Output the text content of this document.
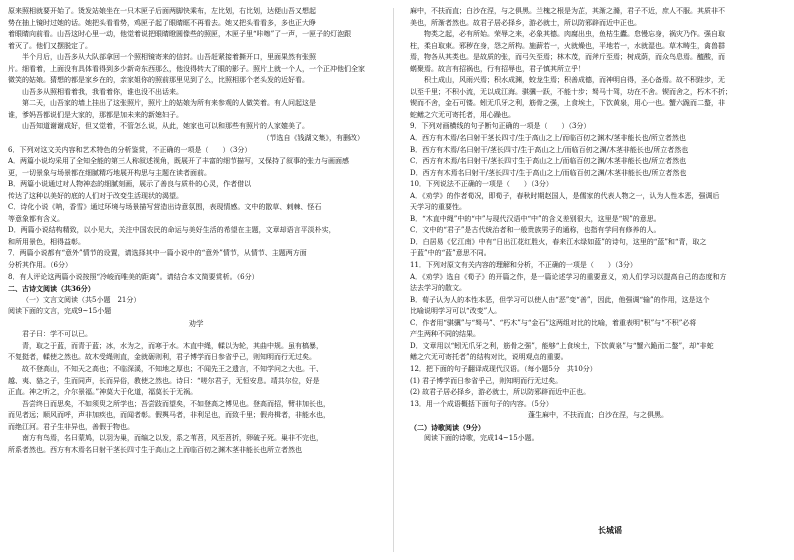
原来照相就要开始了。烫发站娘坐在一只木匣子后面两脚快乘布，左比划，右比划，达便山吾又想起

势在抽上镜时过她的话。她把头看看势，鸡匣子起了眼睛眶不再看去。她又把头看看多，多也正大睁

着眼睛向前看。山吾这时心里一动，他觉着说把眼睛瞪圆像些的照匣，木匣子里“咔嚓”了一声，一匣子的灯泡跟

着灭了。他们又摆脱定了。

半个月后，山吾多从大队部拿回一个照相镜寄来的信封。山吾赶紧接着撕开口，里面果然有张照

片。细看着，上面没有具体看得到多少新奇东西那么，他没得转大了眼的影子。照片上就一个人，一个正冲他们全家

微笑的姑娘。猜想的都是家乡在的，亲家姐你的照前那里见到了么，比照相那个老头发的近好看。

山吾多从照相看着我，我看着你，谁也没不出话来。

第二天，山吾家的墙上挂出了这张照片，照片上的姑娘为所有来参观的人做笑着。有人问起这是

谁，爹妈吾都说们是大家的，那都是加未来的新媳妇子。

山吾知道谢谢成好，但又觉着，不管怎么说，从此，她家也可以和那些有照片的人家媲美了。

（节选自《钱湖文集》，有删改）

6．下列对这文关内容和艺术特色的分析鉴赏，不正确的一项是（　　）（3分）

A．两篇小说均采用了全知全能的第三人称叙述视角，既展开了丰富的细节描写，又保持了叙事的张力与画面感

更，一切景象与场景都在细腻精巧地展开构思与主题在读者面前。

B．两篇小说通过对人物神态的细腻刻画，展示了善良与质朴的心灵，作者借以

传达了这种以美好的底的人们对于改变生活现状的渴望。

C．诗化小说《呐，香雪》通过环境与场景描写营造出诗意氛围，表现情感。文中的散草、刺棘、怪石

等意象都有含义。

D．两篇小说结构精致，以小见大，关注中国农民的命运与美好生活的希望在主题，文章却语言平淡朴实，

和所用景色，相得益彰。

7．两篇小说都有“意外”情节的设置，请选择其中一篇小说中的“意外”情节，从情节、主题两方面

分析其作用。（6分）

8．有人评论这两篇小说按照“冷峻而唯美的距离”。请结合本文简要赏析。（6分）

二、古诗文阅读（共36分）

（一）文言文阅读（共5小题　21分）

阅读下面的文言，完成9~15小题

劝学

君子曰：学不可以已。

青，取之于蓝，而青于蓝；冰，水为之，而寒于水。木直中绳，輮以为轮，其曲中规。虽有槁暴，

不复挺者，輮使之然也。故木受绳则直，金就砺则利，君子博学而日参省乎己，则知明而行无过矣。

故不登高山，不知天之高也；不临深溪，不知地之厚也；不闻先王之遗言，不知学问之大也。干、

越、夷、貉之子，生而同声，长而异俗，教使之然也。诗曰：“嗟尔君子，无恒安息。靖共尔位，好是

正直。神之听之，介尔景福。”神莫大于化道，福莫长于无祸。

吾尝终日而思矣，不如须臾之所学也；吾尝跂而望矣，不如登高之博见也。登高而招，臂非加长也，

而见者远；顺风而呼，声非加疾也，而闻者彰。假舆马者，非利足也，而致千里；假舟楫者，非能水也，

而绝江河。君子生非异也，善假于物也。

南方有鸟焉，名曰蒙鸠，以羽为巢，而编之以发，系之苇苕，风至苕折，卵破子死。巢非不完也，

所系者然也。西方有木焉名曰射干茎长四寸生于高山之上而临百仞之渊木茎非能长也所立者然也

麻中，不扶而直；白沙在涅，与之俱黑。兰槐之根是为芷，其渐之滫，君子不近，庶人不服。其质非不

美也，所渐者然也。故君子居必择乡，游必就士，所以防邪辟而近中正也。

物类之起，必有所始。荣辱之来，必象其德。肉腐出虫，鱼枯生蠹。怠慢忘身，祸灾乃作。强自取

柱，柔自取束。邪秽在身，怨之所构。施薪若一，火就燥也，平地若一，水就湿也。草木畴生，禽兽群

焉，物各从其类也。是故质的张，而弓矢至焉；林木茂，而斧斤至焉；树成荫，而众鸟息焉。醯酸，而

蜹聚焉。故言有招祸也，行有招辱也，君子慎其所立乎！

积土成山，风雨兴焉；积水成渊，蛟龙生焉；积善成德，而神明自得，圣心备焉。故不积跬步，无

以至千里；不积小流，无以成江海。骐骥一跃，不能十步；驽马十驾，功在不舍。锲而舍之，朽木不折；

锲而不舍，金石可镂。蚓无爪牙之利，筋骨之强，上食埃土，下饮黄泉，用心一也。蟹六跪而二螯，非

蛇鳝之穴无可寄托者，用心躁也。

9．下列对画横线的句子断句正确的一项是（　　）（3分）

A．西方有木焉/名曰射干茎长四寸/生于高山之上/而临百仞之渊木/茎非能长也/所立者然也

B．西方有木焉/名曰射干/茎长四寸/生于高山之上/而临百仞之渊/木茎非能长也/所立者然也

C．西方有木焉/名曰射干/茎长四寸生于高山之上/而临百仞之渊/木茎非能长也/所立者然也

D．西方有木焉名曰射干/茎长四寸/生于高山之上/而临百仞之渊/木茎非能长也/所立者然也

10．下列说法不正确的一项是（　　）（3分）

A．《劝学》的作者荀况，即荀子，春秋时期赵国人，是儒家的代表人物之一，认为人性本恶，强调后

天学习的重要性。

B．“木直中绳”中的“中”与现代汉语中“中”的含义差别很大，这里是“规”的意思。

C．文中的“君子”是古代统治者和一般贵族男子的通称，也指有学问有修养的人。

D．白居易《忆江南》中有“日出江花红胜火，春来江水绿如蓝”的诗句，这里的“蓝”和“青，取之

于蓝”中的“蓝”意思不同。

11．下列对原文有关内容的理解和分析，不正确的一项是（　　）（3分）

A．《劝学》选自《荀子》的开篇之作，是一篇论述学习的重要意义，劝人们学习以提高自己的态度和方

法去学习的散文。

B．荀子认为人的本性本恶，但学习可以使人由“恶”变“善”，因此，他强调“输”的作用，这是这个

比喻说明学习可以“改变”人。

C．作者用“骐骥”与“驽马”、“朽木”与“金石”这两组对比的比喻，着重表明“积”与“不积”必将

产生两种不同的结果。

D．文章用以“蚓无爪牙之利，筋骨之强”，能够“上食埃土，下饮黄泉”与“蟹六跪而二螯”，却“非蛇

鳝之穴无可寄托者”的结构对比，说明观点的重要。

12．把下面的句子翻译成现代汉语。（每小题5分　共10分）

(1) 君子博学而日参省乎己，则知明而行无过矣。

(2) 故君子居必择乡，游必就士，所以防邪辟而近中正也。

13．用一个成语概括下面句子的内容。（5分）

蓬生麻中，不扶而直；白沙在涅，与之俱黑。

（二）诗歌阅读（9分）

阅读下面的诗歌，完成14~15小题。

长城谣
